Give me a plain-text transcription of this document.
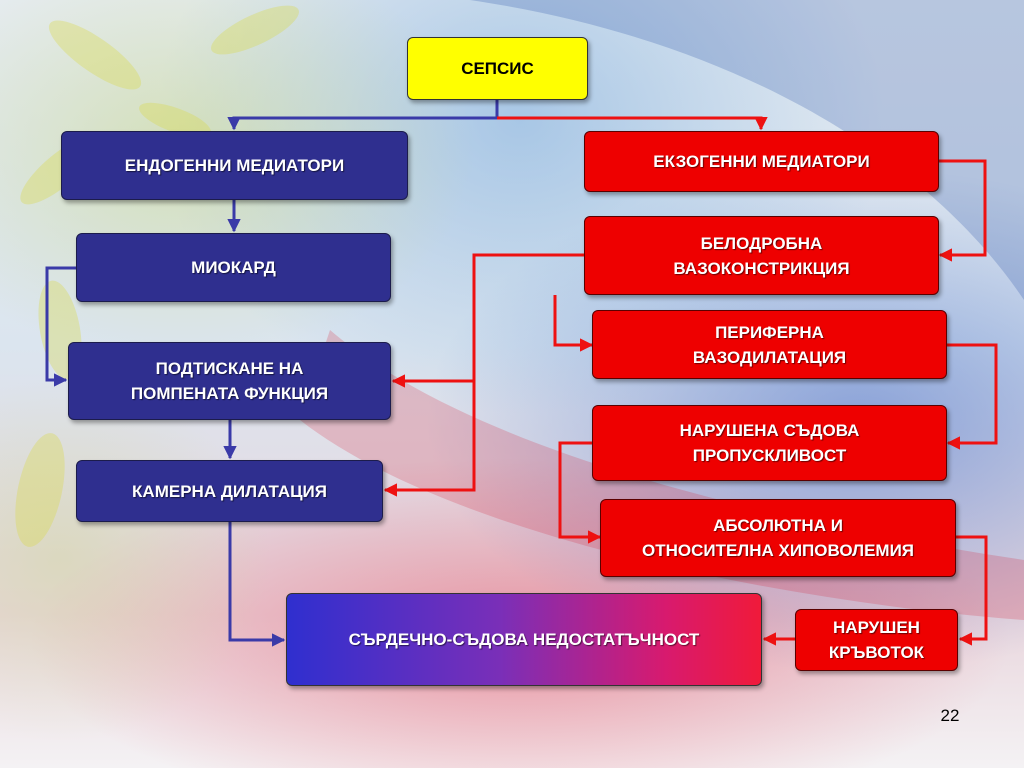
СЕПСИС
ЕНДОГЕННИ МЕДИАТОРИ	ЕКЗОГЕННИ МЕДИАТОРИ
МИОКАРД
БЕЛОДРОБНА
ВАЗОКОНСТРИКЦИЯ
ПЕРИФЕРНА
ВАЗОДИЛАТАЦИЯ
ПОДТИСКАНЕ НА
ПОМПЕНАТА ФУНКЦИЯ
НАРУШЕНА СЪДОВА
ПРОПУСКЛИВОСТ
КАМЕРНА ДИЛАТАЦИЯ
АБСОЛЮТНА И
ОТНОСИТЕЛНА ХИПОВОЛЕМИЯ
СЪРДЕЧНО-СЪДОВА НЕДОСТАТЪЧНОСТ
НАРУШЕН
КРЪВОТОК
22
